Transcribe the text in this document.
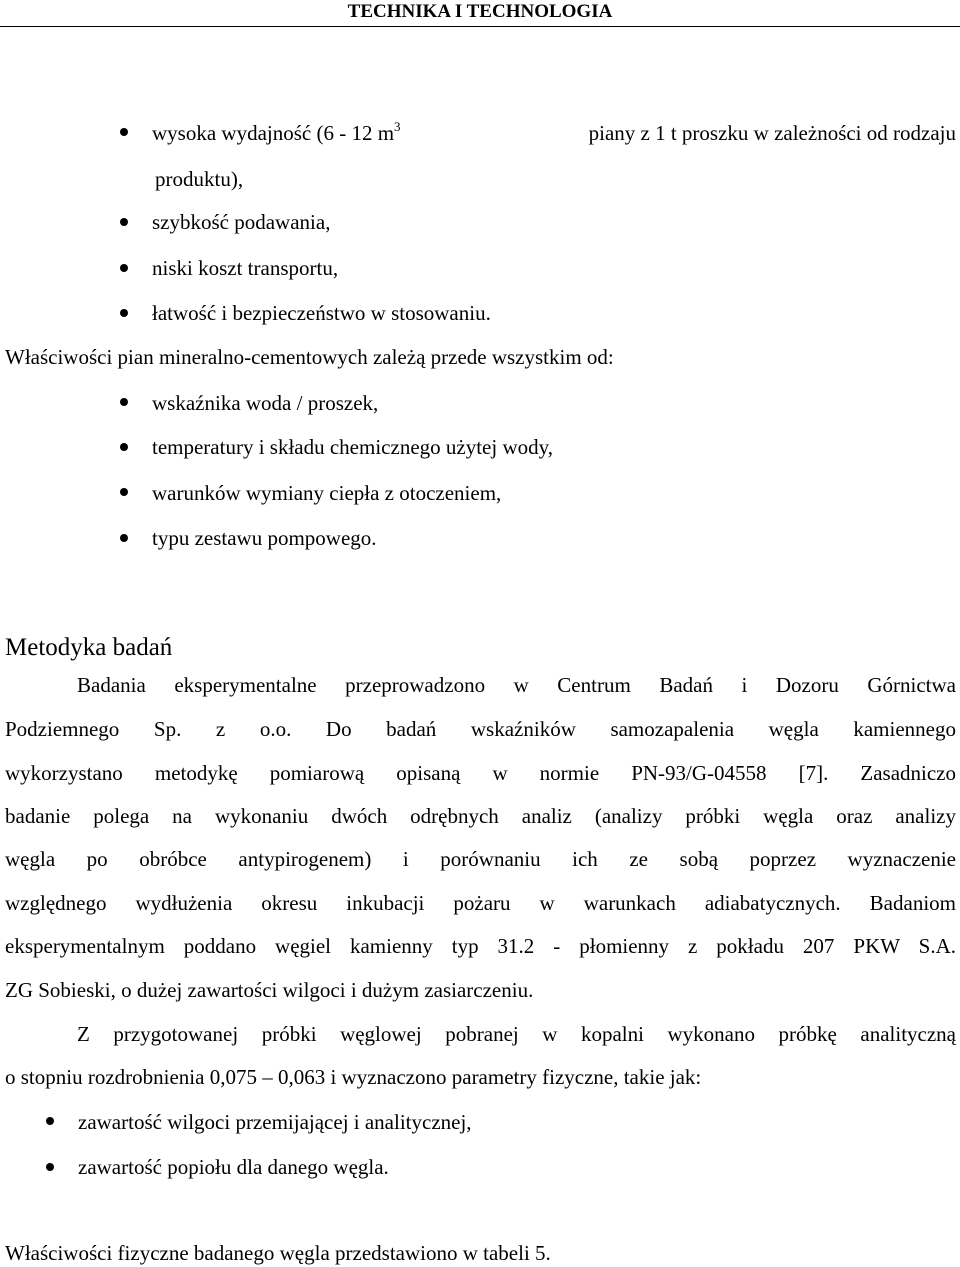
TECHNIKA I TECHNOLOGIA
wysoka wydajność (6 - 12 $m^3$	piany z 1 t proszku w zależności od rodzaju
produktu),
szybkość podawania,
niski koszt transportu,
łatwość i bezpieczeństwo w stosowaniu.
Właściwości pian mineralno-cementowych zależą przede wszystkim od:
wskaźnika woda / proszek,
temperatury i składu chemicznego użytej wody,
warunków wymiany ciepła z otoczeniem,
typu zestawu pompowego.
Metodyka badań
Badania eksperymentalne przeprowadzono w Centrum Badań i Dozoru Górnictwa
Podziemnego Sp. z o.o. Do badań wskaźników samozapalenia węgla kamiennego
wykorzystano metodykę pomiarową opisaną w normie PN-93/G-04558 [7]. Zasadniczo
badanie polega na wykonaniu dwóch odrębnych analiz (analizy próbki węgla oraz analizy
węgla po obróbce antypirogenem) i porównaniu ich ze sobą poprzez wyznaczenie
względnego wydłużenia okresu inkubacji pożaru w warunkach adiabatycznych. Badaniom
eksperymentalnym poddano węgiel kamienny typ 31.2 - płomienny z pokładu 207 PKW S.A.
ZG Sobieski, o dużej zawartości wilgoci i dużym zasiarczeniu.
Z przygotowanej próbki węglowej pobranej w kopalni wykonano próbkę analityczną
o stopniu rozdrobnienia 0,075 – 0,063 i wyznaczono parametry fizyczne, takie jak:
zawartość wilgoci przemijającej i analitycznej,
zawartość popiołu dla danego węgla.
Właściwości fizyczne badanego węgla przedstawiono w tabeli 5.
